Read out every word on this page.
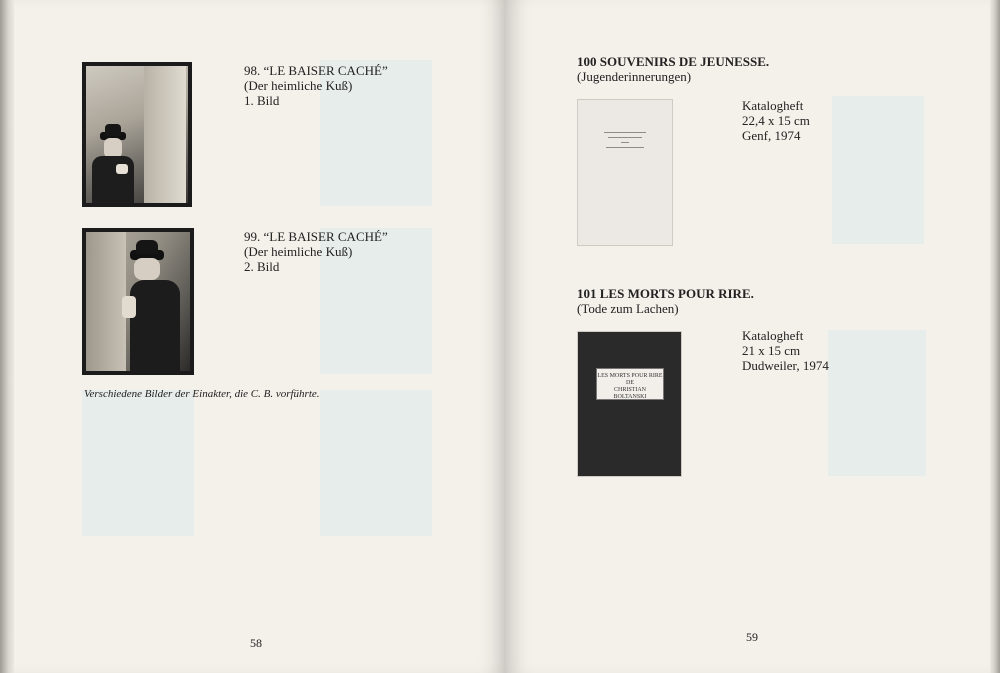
98. “LE BAISER CACHÉ”
(Der heimliche Kuß)
1. Bild
99. “LE BAISER CACHÉ”
(Der heimliche Kuß)
2. Bild
Verschiedene Bilder der Einakter, die C. B. vorführte.
58
100 SOUVENIRS DE JEUNESSE.
(Jugenderinnerungen)
Katalogheft
22,4 x 15 cm
Genf, 1974
101 LES MORTS POUR RIRE.
(Tode zum Lachen)
LES MORTS POUR RIRE
DE
CHRISTIAN BOLTANSKI
Katalogheft
21 x 15 cm
Dudweiler, 1974
59
